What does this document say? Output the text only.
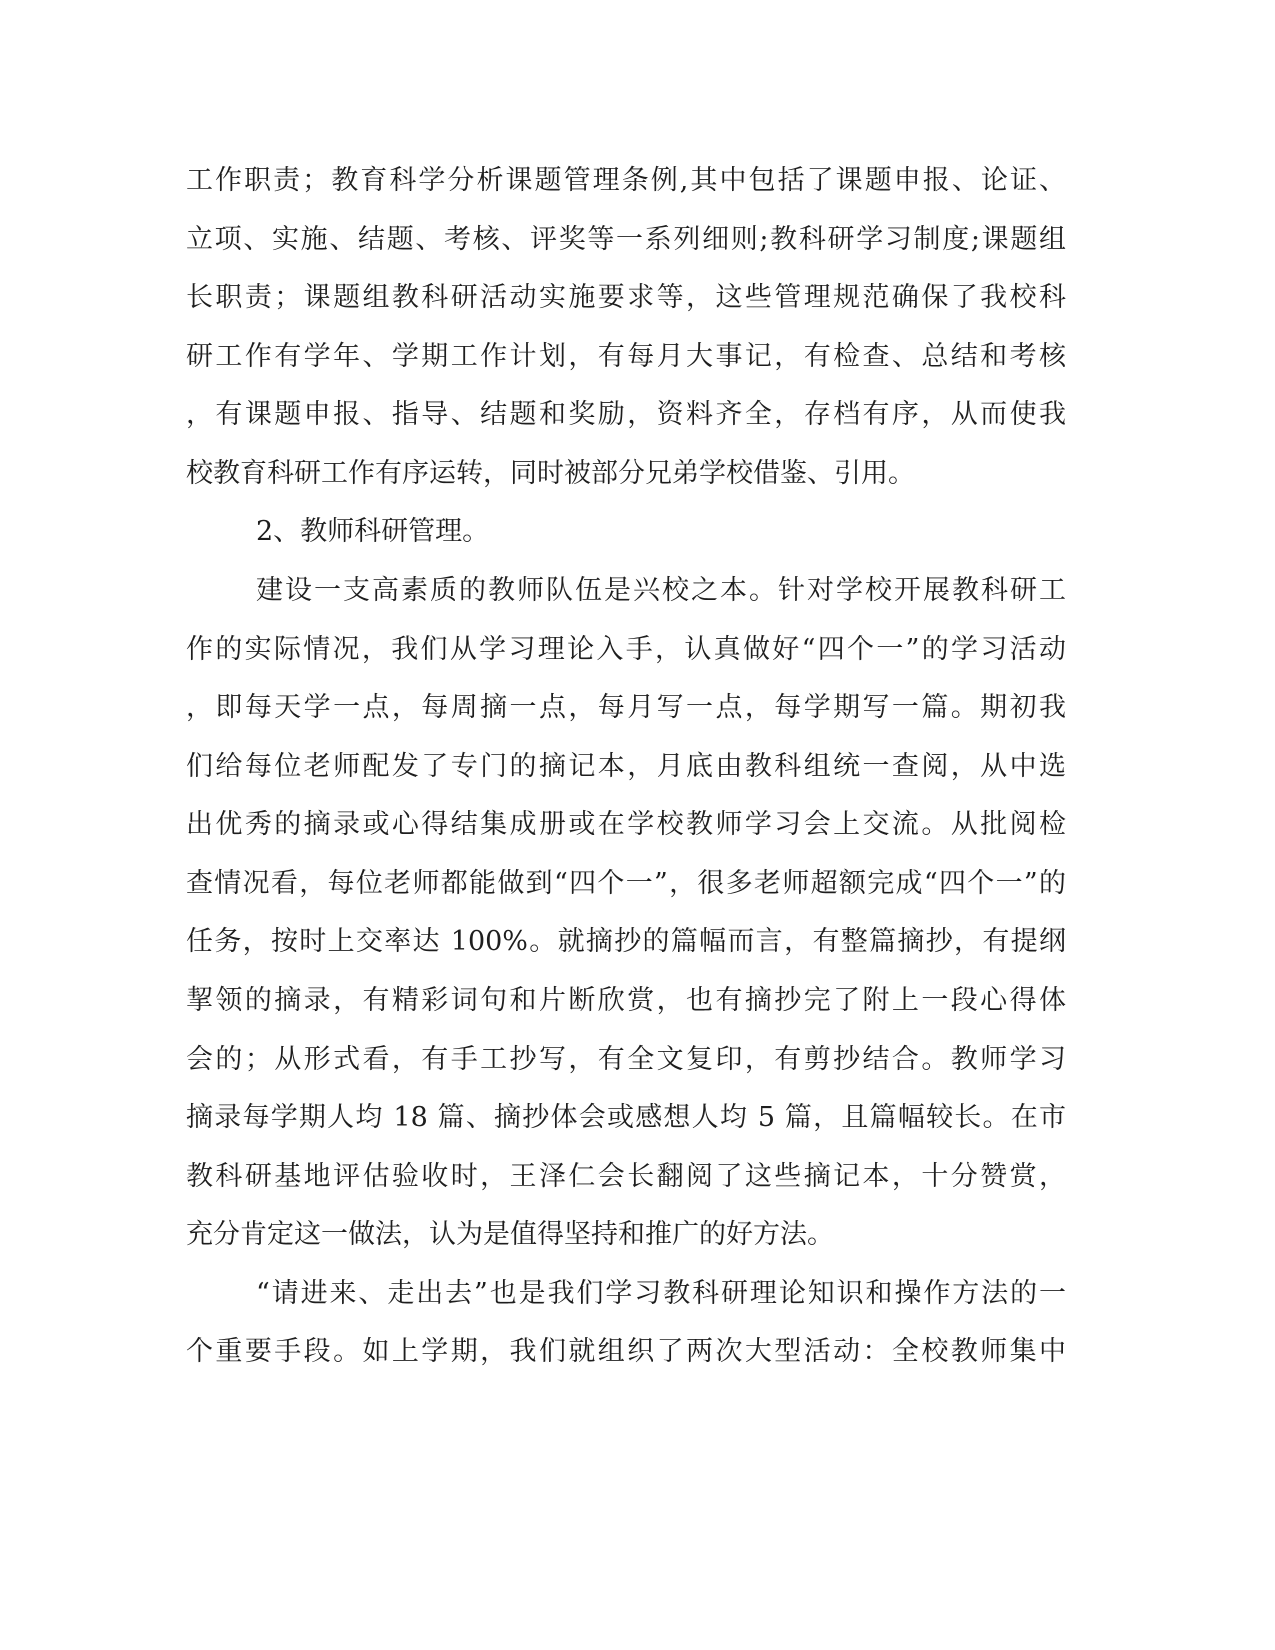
工作职责；教育科学分析课题管理条例,其中包括了课题申报、论证、
立项、实施、结题、考核、评奖等一系列细则;教科研学习制度;课题组
长职责；课题组教科研活动实施要求等，这些管理规范确保了我校科
研工作有学年、学期工作计划，有每月大事记，有检查、总结和考核
，有课题申报、指导、结题和奖励，资料齐全，存档有序，从而使我
校教育科研工作有序运转，同时被部分兄弟学校借鉴、引用。
2、教师科研管理。
建设一支高素质的教师队伍是兴校之本。针对学校开展教科研工
作的实际情况，我们从学习理论入手，认真做好“四个一”的学习活动
，即每天学一点，每周摘一点，每月写一点，每学期写一篇。期初我
们给每位老师配发了专门的摘记本，月底由教科组统一查阅，从中选
出优秀的摘录或心得结集成册或在学校教师学习会上交流。从批阅检
查情况看，每位老师都能做到“四个一”，很多老师超额完成“四个一”的
任务，按时上交率达 100%。就摘抄的篇幅而言，有整篇摘抄，有提纲
挈领的摘录，有精彩词句和片断欣赏，也有摘抄完了附上一段心得体
会的；从形式看，有手工抄写，有全文复印，有剪抄结合。教师学习
摘录每学期人均 18 篇、摘抄体会或感想人均 5 篇，且篇幅较长。在市
教科研基地评估验收时，王泽仁会长翻阅了这些摘记本，十分赞赏，
充分肯定这一做法，认为是值得坚持和推广的好方法。
“请进来、走出去”也是我们学习教科研理论知识和操作方法的一
个重要手段。如上学期，我们就组织了两次大型活动：全校教师集中
